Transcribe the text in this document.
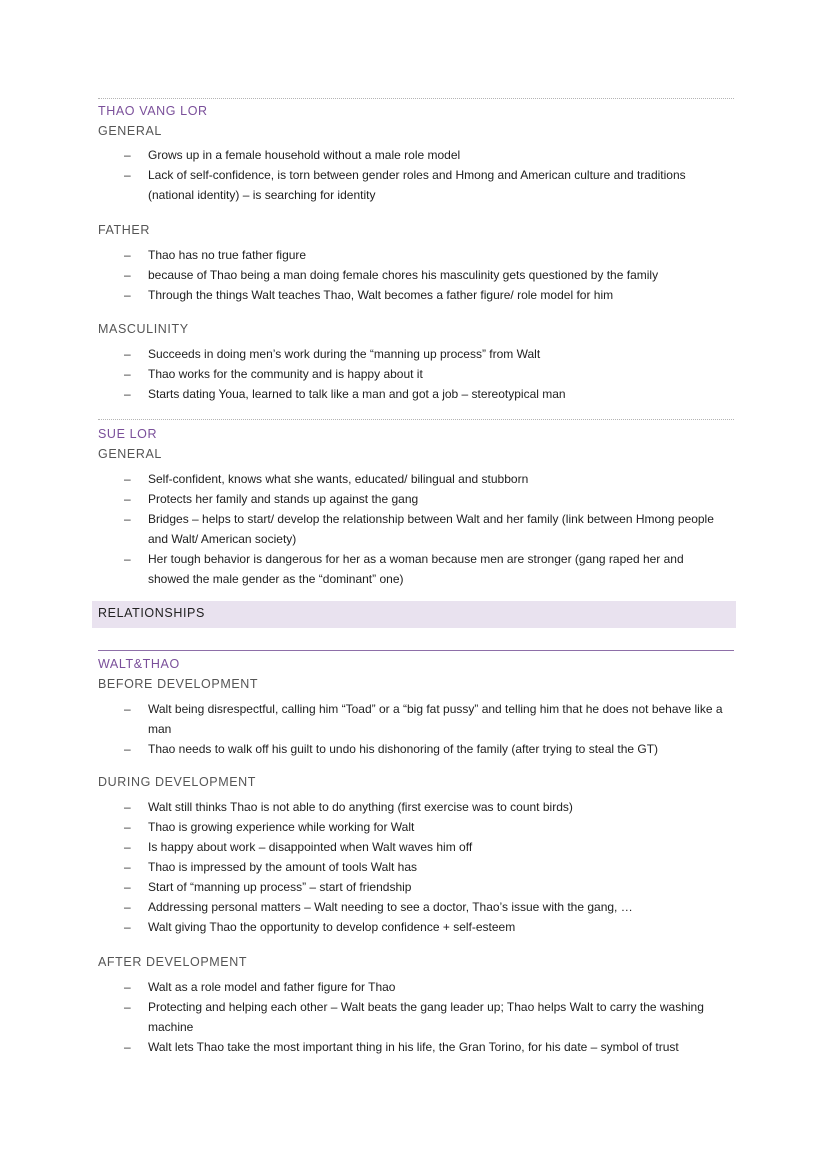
THAO VANG LOR
GENERAL
– Grows up in a female household without a male role model
– Lack of self-confidence, is torn between gender roles and Hmong and American culture and traditions (national identity) – is searching for identity
FATHER
– Thao has no true father figure
– because of Thao being a man doing female chores his masculinity gets questioned by the family
– Through the things Walt teaches Thao, Walt becomes a father figure/ role model for him
MASCULINITY
– Succeeds in doing men’s work during the “manning up process” from Walt
– Thao works for the community and is happy about it
– Starts dating Youa, learned to talk like a man and got a job – stereotypical man
SUE LOR
GENERAL
– Self-confident, knows what she wants, educated/ bilingual and stubborn
– Protects her family and stands up against the gang
– Bridges – helps to start/ develop the relationship between Walt and her family (link between Hmong people and Walt/ American society)
– Her tough behavior is dangerous for her as a woman because men are stronger (gang raped her and showed the male gender as the “dominant” one)
RELATIONSHIPS
WALT&THAO
BEFORE DEVELOPMENT
– Walt being disrespectful, calling him “Toad” or a “big fat pussy” and telling him that he does not behave like a man
– Thao needs to walk off his guilt to undo his dishonoring of the family (after trying to steal the GT)
DURING DEVELOPMENT
– Walt still thinks Thao is not able to do anything (first exercise was to count birds)
– Thao is growing experience while working for Walt
– Is happy about work – disappointed when Walt waves him off
– Thao is impressed by the amount of tools Walt has
– Start of “manning up process” – start of friendship
– Addressing personal matters – Walt needing to see a doctor, Thao’s issue with the gang, …
– Walt giving Thao the opportunity to develop confidence + self-esteem
AFTER DEVELOPMENT
– Walt as a role model and father figure for Thao
– Protecting and helping each other – Walt beats the gang leader up; Thao helps Walt to carry the washing machine
– Walt lets Thao take the most important thing in his life, the Gran Torino, for his date – symbol of trust
